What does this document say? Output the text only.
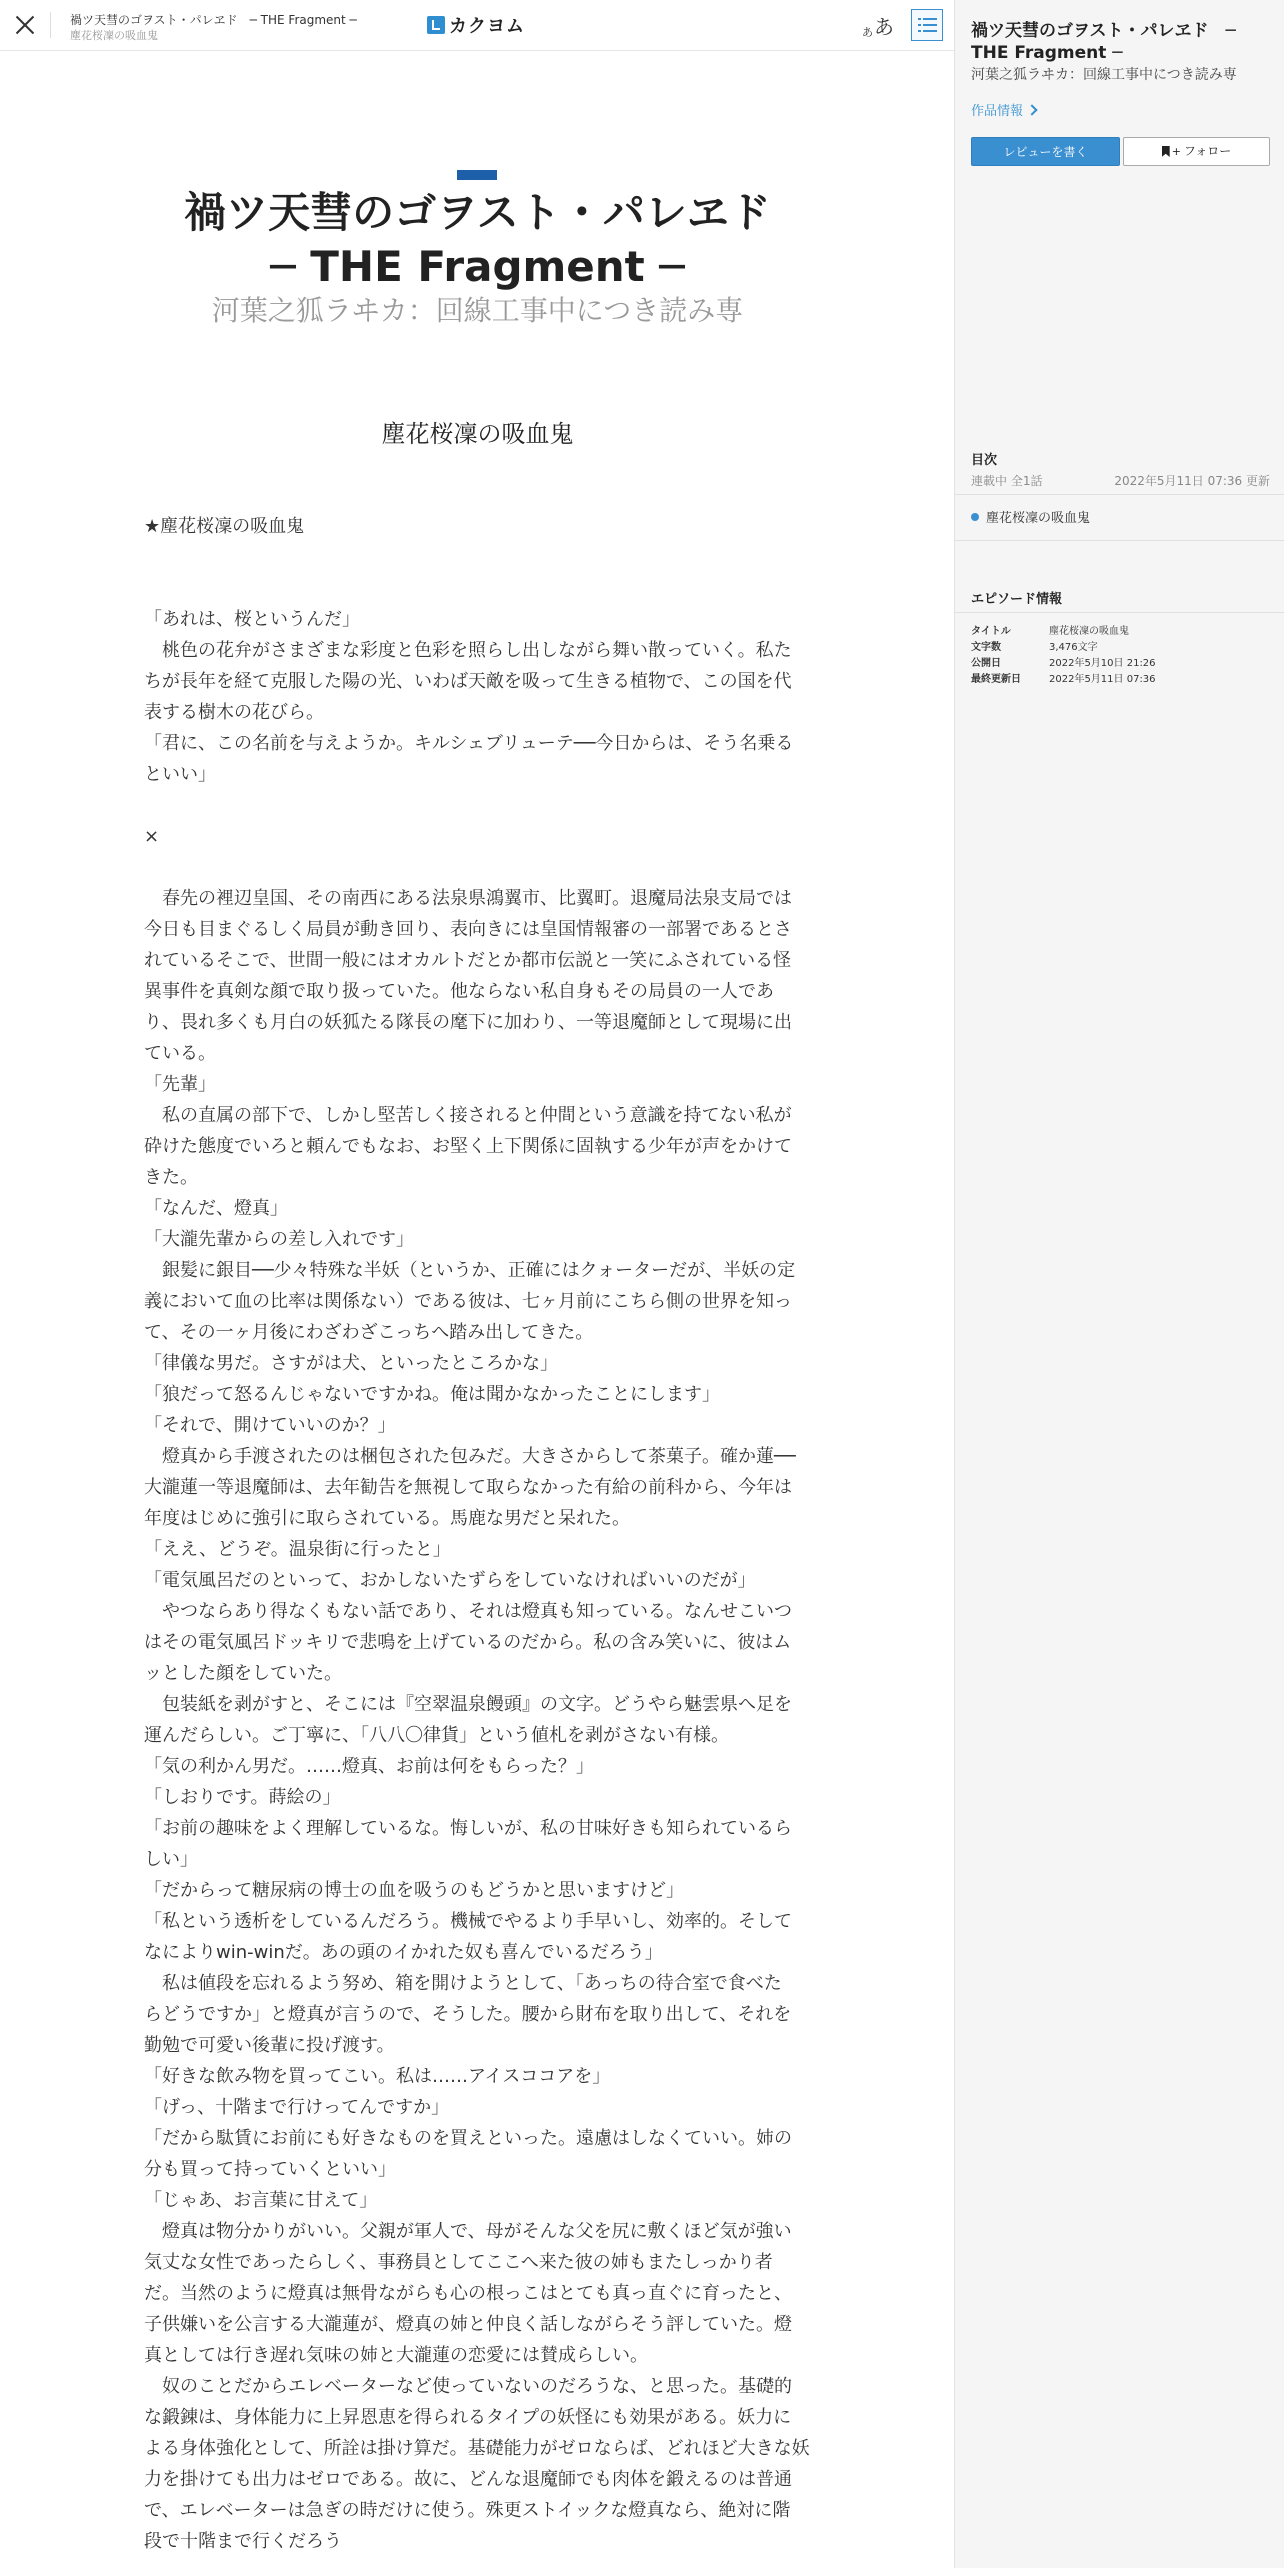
禍ツ天彗のゴヲスト・パレヱド　─ THE Fragment ─
塵花桜凜の吸血鬼	カクヨム	あ あ
禍ツ天彗のゴヲスト・パレヱド
─ THE Fragment ─
河葉之狐ラヰカ：回線工事中につき読み専
塵花桜凜の吸血鬼

★塵花桜凜の吸血鬼

「あれは、桜というんだ」

　桃色の花弁がさまざまな彩度と色彩を照らし出しながら舞い散っていく。私た

ちが長年を経て克服した陽の光、いわば天敵を吸って生きる植物で、この国を代

表する樹木の花びら。

「君に、この名前を与えようか。キルシェブリューテ──今日からは、そう名乗る

といい」

×

　春先の裡辺皇国、その南西にある法泉県鴻翼市、比翼町。退魔局法泉支局では

今日も目まぐるしく局員が動き回り、表向きには皇国情報審の一部署であるとさ

れているそこで、世間一般にはオカルトだとか都市伝説と一笑にふされている怪

異事件を真剣な顔で取り扱っていた。他ならない私自身もその局員の一人であ

り、畏れ多くも月白の妖狐たる隊長の麾下に加わり、一等退魔師として現場に出

ている。

「先輩」

　私の直属の部下で、しかし堅苦しく接されると仲間という意識を持てない私が

砕けた態度でいろと頼んでもなお、お堅く上下関係に固執する少年が声をかけて

きた。

「なんだ、燈真」

「大瀧先輩からの差し入れです」

　銀髪に銀目──少々特殊な半妖（というか、正確にはクォーターだが、半妖の定

義において血の比率は関係ない）である彼は、七ヶ月前にこちら側の世界を知っ

て、その一ヶ月後にわざわざこっちへ踏み出してきた。

「律儀な男だ。さすがは犬、といったところかな」

「狼だって怒るんじゃないですかね。俺は聞かなかったことにします」

「それで、開けていいのか？」

　燈真から手渡されたのは梱包された包みだ。大きさからして茶菓子。確か蓮──

大瀧蓮一等退魔師は、去年勧告を無視して取らなかった有給の前科から、今年は

年度はじめに強引に取らされている。馬鹿な男だと呆れた。

「ええ、どうぞ。温泉街に行ったと」

「電気風呂だのといって、おかしないたずらをしていなければいいのだが」

　やつならあり得なくもない話であり、それは燈真も知っている。なんせこいつ

はその電気風呂ドッキリで悲鳴を上げているのだから。私の含み笑いに、彼はム

ッとした顔をしていた。

　包装紙を剥がすと、そこには『空翠温泉饅頭』の文字。どうやら魅雲県へ足を

運んだらしい。ご丁寧に、「八八〇律貨」という値札を剥がさない有様。

「気の利かん男だ。……燈真、お前は何をもらった？」

「しおりです。蒔絵の」

「お前の趣味をよく理解しているな。悔しいが、私の甘味好きも知られているら

しい」

「だからって糖尿病の博士の血を吸うのもどうかと思いますけど」

「私という透析をしているんだろう。機械でやるより手早いし、効率的。そして

なによりwin-winだ。あの頭のイかれた奴も喜んでいるだろう」

　私は値段を忘れるよう努め、箱を開けようとして、「あっちの待合室で食べた

らどうですか」と燈真が言うので、そうした。腰から財布を取り出して、それを

勤勉で可愛い後輩に投げ渡す。

「好きな飲み物を買ってこい。私は……アイスココアを」

「げっ、十階まで行けってんですか」

「だから駄賃にお前にも好きなものを買えといった。遠慮はしなくていい。姉の

分も買って持っていくといい」

「じゃあ、お言葉に甘えて」

　燈真は物分かりがいい。父親が軍人で、母がそんな父を尻に敷くほど気が強い

気丈な女性であったらしく、事務員としてここへ来た彼の姉もまたしっかり者

だ。当然のように燈真は無骨ながらも心の根っこはとても真っ直ぐに育ったと、

子供嫌いを公言する大瀧蓮が、燈真の姉と仲良く話しながらそう評していた。燈

真としては行き遅れ気味の姉と大瀧蓮の恋愛には賛成らしい。

　奴のことだからエレベーターなど使っていないのだろうな、と思った。基礎的

な鍛錬は、身体能力に上昇恩恵を得られるタイプの妖怪にも効果がある。妖力に

よる身体強化として、所詮は掛け算だ。基礎能力がゼロならば、どれほど大きな妖

力を掛けても出力はゼロである。故に、どんな退魔師でも肉体を鍛えるのは普通

で、エレベーターは急ぎの時だけに使う。殊更ストイックな燈真なら、絶対に階

段で十階まで行くだろう

禍ツ天彗のゴヲスト・パレヱド　─ THE Fragment ─
河葉之狐ラヰカ：回線工事中につき読み専
作品情報
レビューを書く	+ フォロー
目次
連載中 全1話	2022年5月11日 07:36 更新
塵花桜凜の吸血鬼
エピソード情報
タイトル	塵花桜凜の吸血鬼
文字数	3,476文字
公開日	2022年5月10日 21:26
最終更新日	2022年5月11日 07:36
